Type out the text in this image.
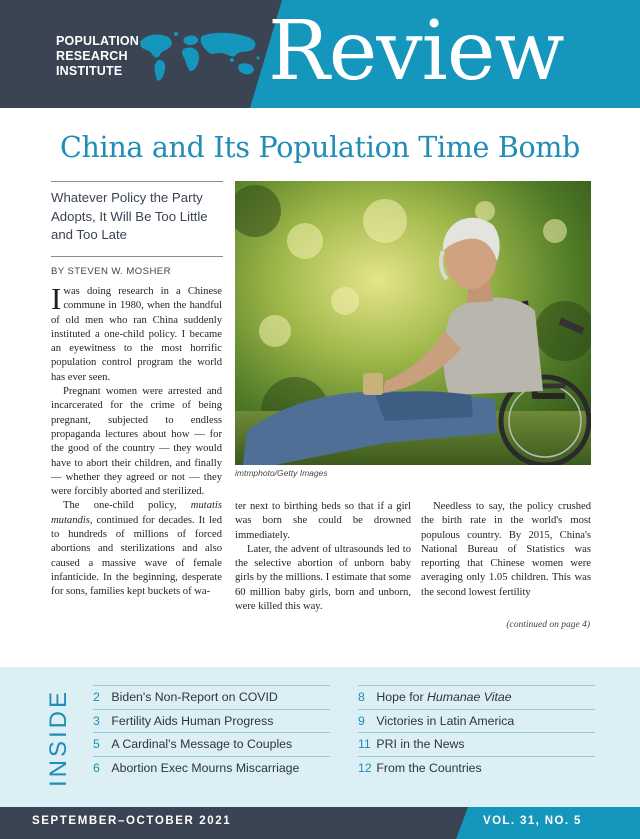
POPULATION
RESEARCH
INSTITUTE Review
China and Its Population Time Bomb
Whatever Policy the Party Adopts, It Will Be Too Little and Too Late
BY STEVEN W. MOSHER

Iwas doing research in a Chinese commune in 1980, when the handful of old men who ran China suddenly instituted a one-child policy. I became an eyewitness to the most horrific population control program the world has ever seen.

Pregnant women were arrested and incarcerated for the crime of being pregnant, subjected to endless propaganda lectures about how — for the good of the country — they would have to abort their children, and finally — whether they agreed or not — they were forcibly aborted and sterilized.

The one-child policy, mutatis mutandis, continued for decades. It led to hundreds of millions of forced abortions and sterilizations and also caused a massive wave of female infanticide. In the beginning, desperate for sons, families kept buckets of wa-

imtmphoto/Getty Images

ter next to birthing beds so that if a girl was born she could be drowned immediately.

Later, the advent of ultrasounds led to the selective abortion of unborn baby girls by the millions. I estimate that some 60 million baby girls, born and unborn, were killed this way.

Needless to say, the policy crushed the birth rate in the world's most populous country. By 2015, China's National Bureau of Statistics was reporting that Chinese women were averaging only 1.05 children. This was the second lowest fertility

(continued on page 4)
INSIDE 2
Biden's Non-Report on COVID
3
Fertility Aids Human Progress
5
A Cardinal's Message to Couples
6
Abortion Exec Mourns Miscarriage
8
Hope for Humanae Vitae
9
Victories in Latin America
11
PRI in the News
12
From the Countries
SEPTEMBER–OCTOBER 2021	VOL. 31, NO. 5
